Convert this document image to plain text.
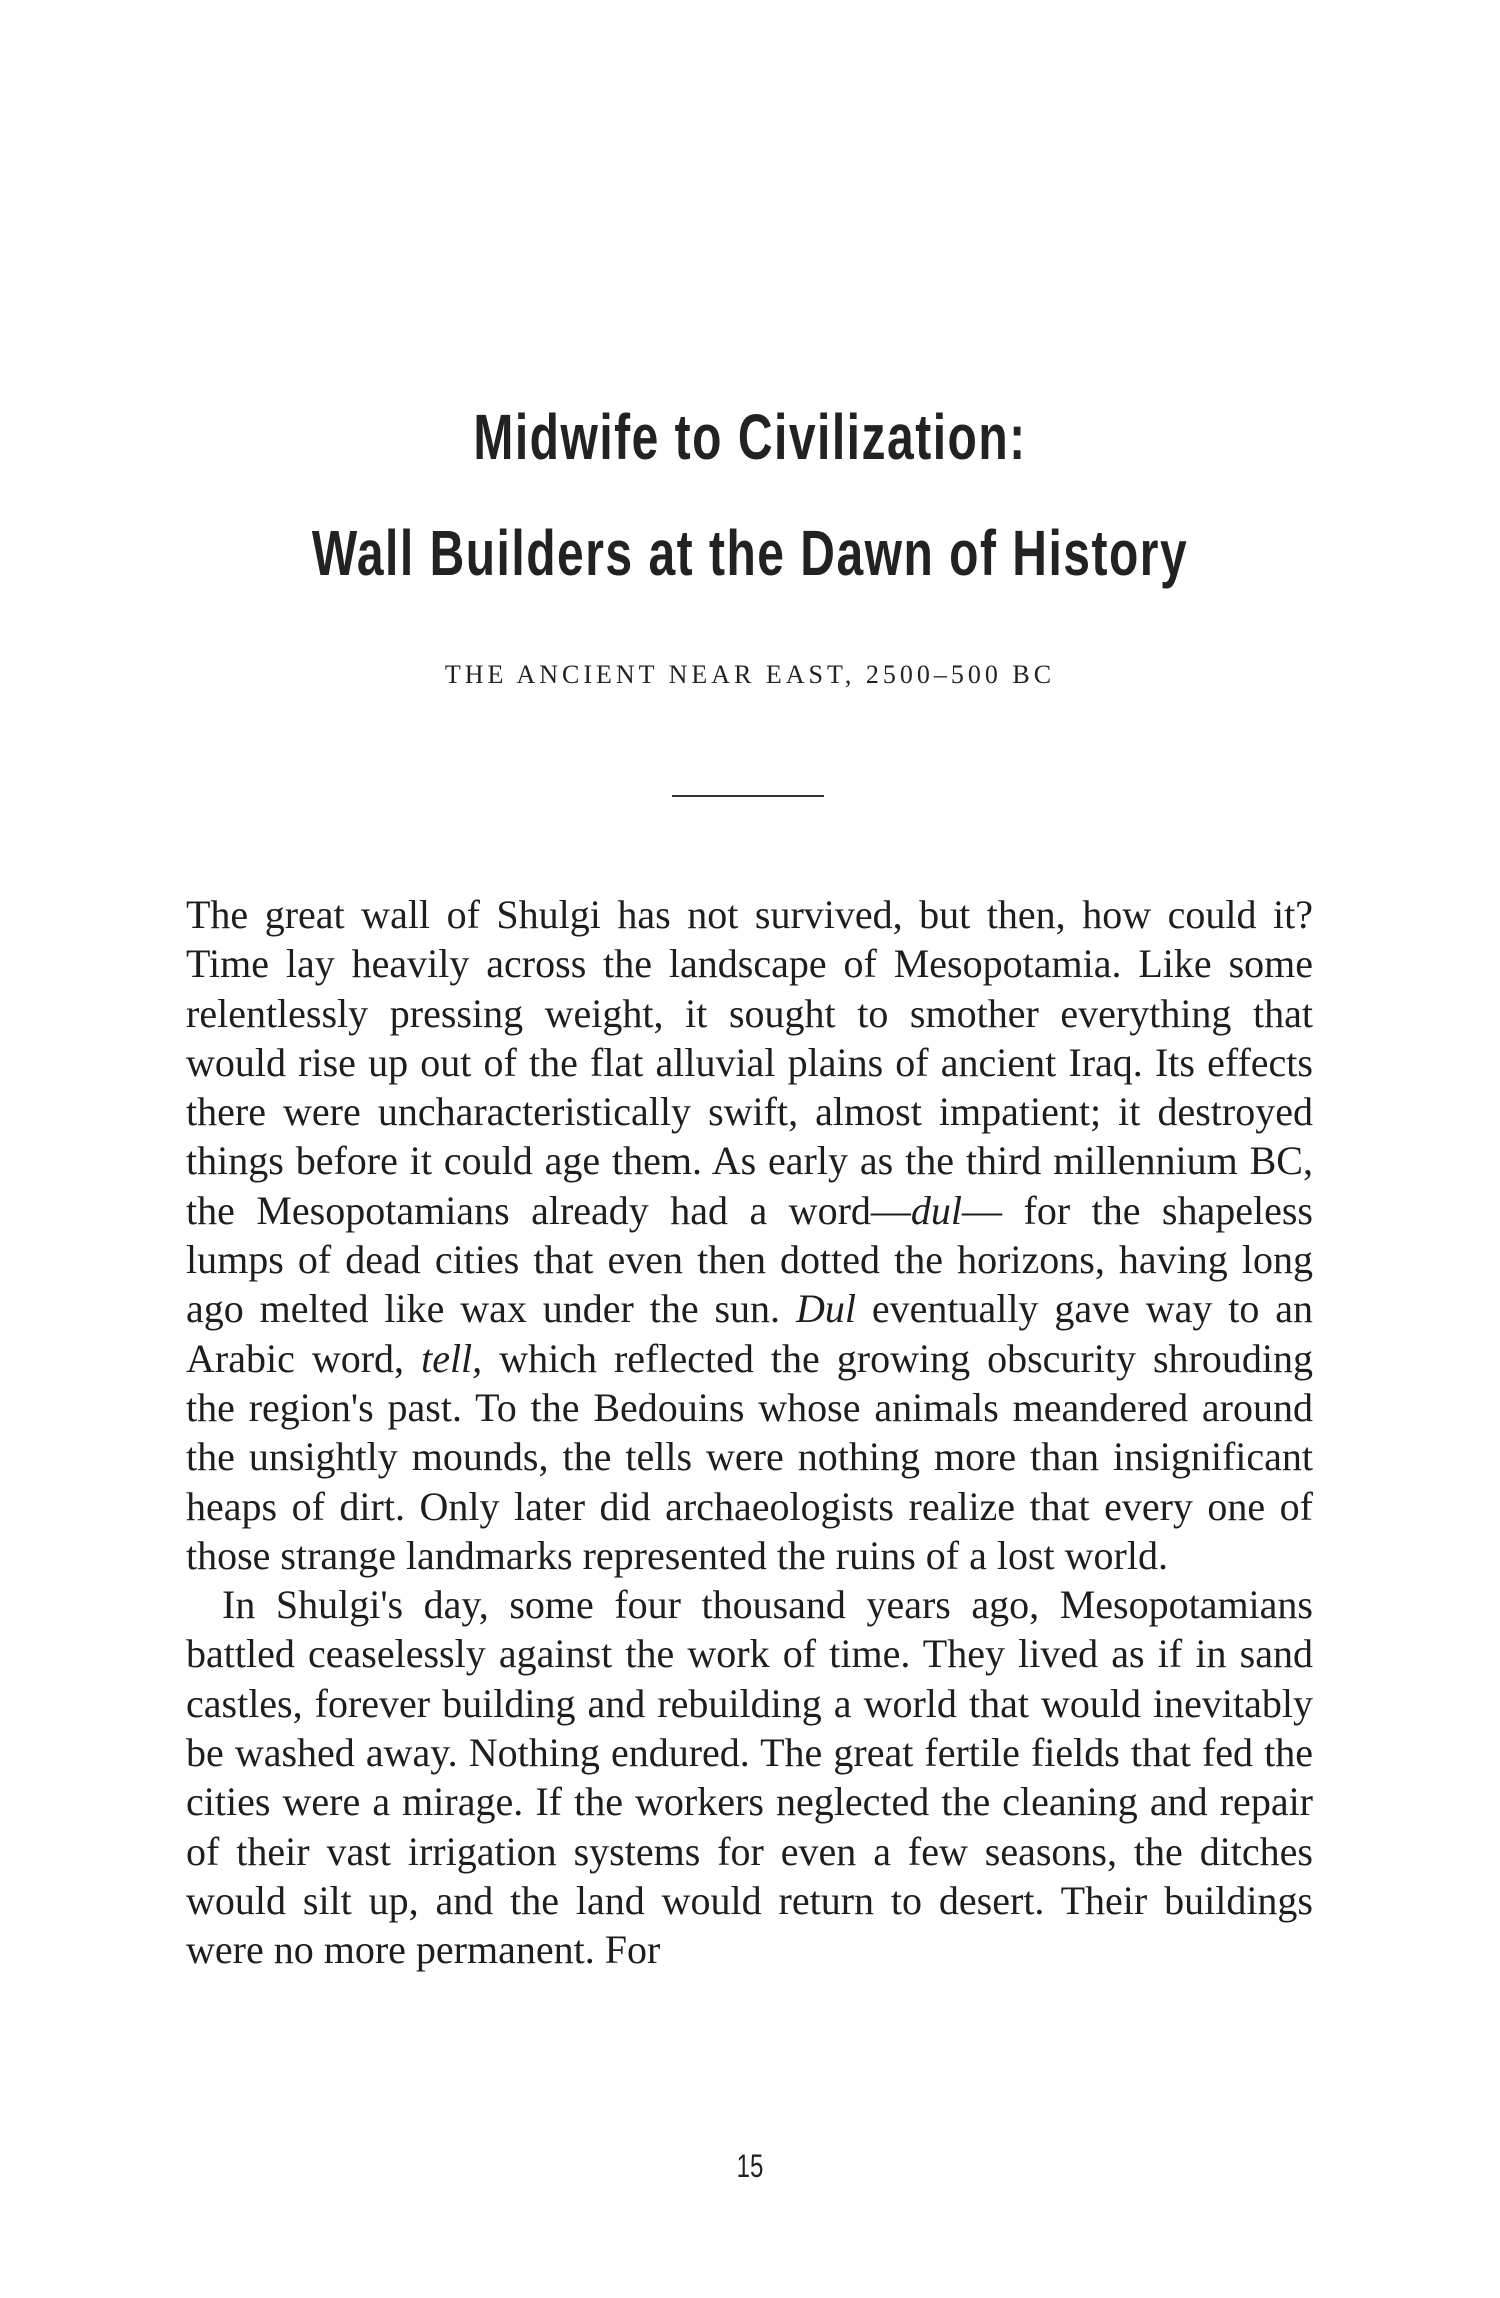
Midwife to Civilization:
Wall Builders at the Dawn of History
THE ANCIENT NEAR EAST, 2500–500 BC

The great wall of Shulgi has not survived, but then, how could it? Time lay heavily across the landscape of Mesopotamia. Like some relentlessly pressing weight, it sought to smother everything that would rise up out of the flat alluvial plains of ancient Iraq. Its effects there were uncharacteristically swift, almost impatient; it destroyed things before it could age them. As early as the third millennium BC, the Mesopotamians already had a word—dul— for the shapeless lumps of dead cities that even then dotted the horizons, having long ago melted like wax under the sun. Dul eventually gave way to an Arabic word, tell, which reflected the growing obscurity shrouding the region's past. To the Bedouins whose animals meandered around the unsightly mounds, the tells were nothing more than insignificant heaps of dirt. Only later did archaeologists realize that every one of those strange landmarks represented the ruins of a lost world.

In Shulgi's day, some four thousand years ago, Mesopotamians battled ceaselessly against the work of time. They lived as if in sand castles, forever building and rebuilding a world that would inevitably be washed away. Nothing endured. The great fertile fields that fed the cities were a mirage. If the workers neglected the cleaning and repair of their vast irrigation systems for even a few seasons, the ditches would silt up, and the land would return to desert. Their buildings were no more permanent. For

15
